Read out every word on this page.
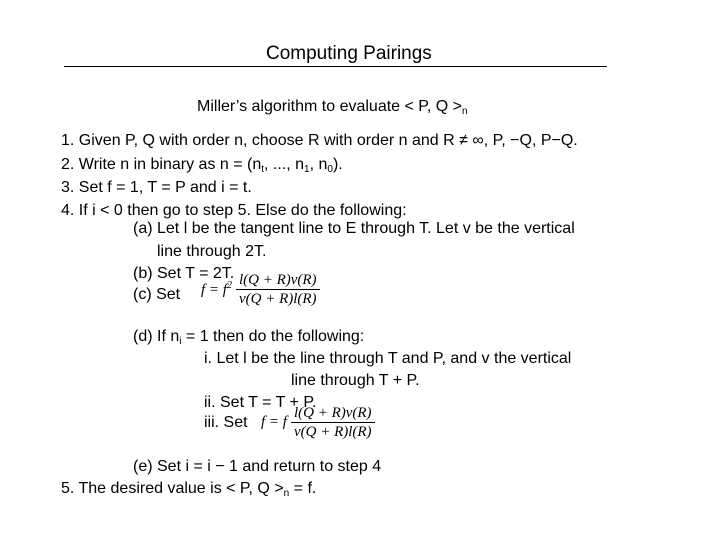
Computing Pairings
Miller’s algorithm to evaluate < P, $Q >_n$
1. Given P, Q with order n, choose R with order n and R ≠ ∞, P, −Q, P−Q.
2. Write n in binary as $n = (n_t$, ..., $n_1$, $n_0$).
3. Set f = 1, T = P and i = t.
4. If i < 0 then go to step 5. Else do the following:
(a) Let l be the tangent line to E through T. Let v be the vertical
line through 2T.
(b) Set T = 2T.
(c) Set $f = f^2 \frac{l(Q + R)v(R)}{v(Q + R)l(R)}$
(d) If $n_i = 1$ then do the following:
i. Let l be the line through T and P, and v the vertical
line through T + P.
ii. Set T = T + P.
iii. Set f = f $\frac{l(Q + R)v(R)}{v(Q + R)l(R)}$
(e) Set i = i − 1 and return to step 4
5. The desired value is < P, $Q >_n = f$.
